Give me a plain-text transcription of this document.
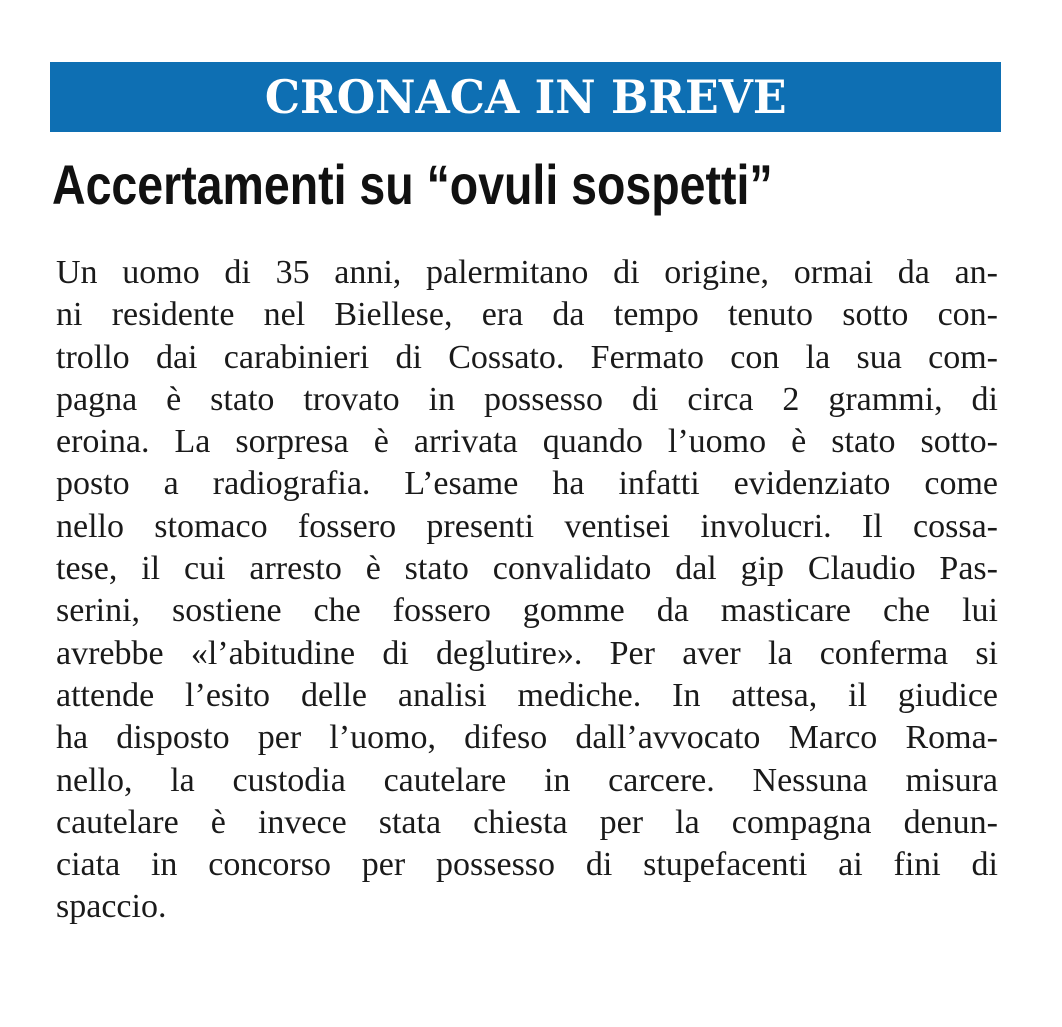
CRONACA IN BREVE
Accertamenti su “ovuli sospetti”
Un uomo di 35 anni, palermitano di origine, ormai da an-
ni residente nel Biellese, era da tempo tenuto sotto con-
trollo dai carabinieri di Cossato. Fermato con la sua com-
pagna è stato trovato in possesso di circa 2 grammi, di
eroina. La sorpresa è arrivata quando l’uomo è stato sotto-
posto a radiografia. L’esame ha infatti evidenziato come
nello stomaco fossero presenti ventisei involucri. Il cossa-
tese, il cui arresto è stato convalidato dal gip Claudio Pas-
serini, sostiene che fossero gomme da masticare che lui
avrebbe «l’abitudine di deglutire». Per aver la conferma si
attende l’esito delle analisi mediche. In attesa, il giudice
ha disposto per l’uomo, difeso dall’avvocato Marco Roma-
nello, la custodia cautelare in carcere. Nessuna misura
cautelare è invece stata chiesta per la compagna denun-
ciata in concorso per possesso di stupefacenti ai fini di
spaccio.
